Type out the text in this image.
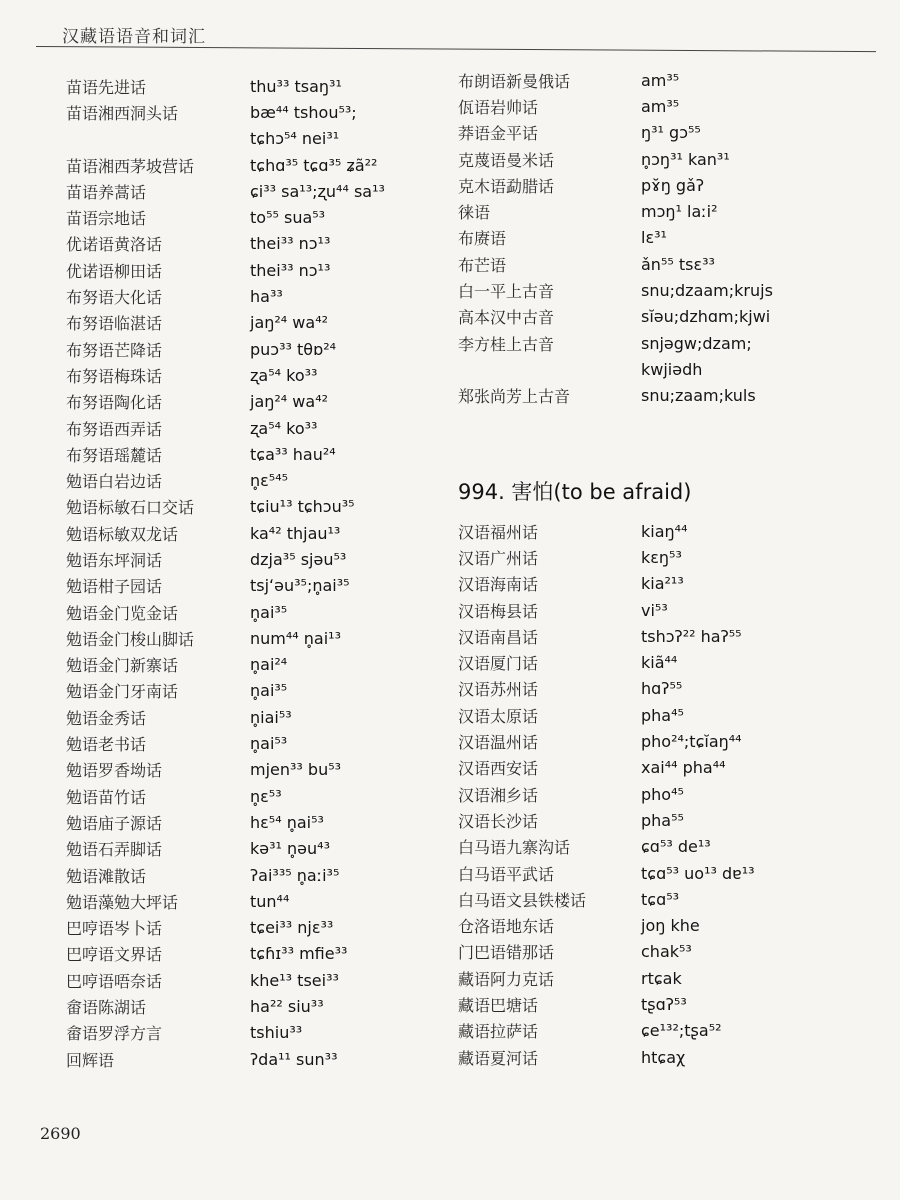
汉藏语语音和词汇
苗语先进话	thu³³ tsaŋ³¹
苗语湘西洞头话	bæ⁴⁴ tshou⁵³;
tɕhɔ⁵⁴ nei³¹
苗语湘西茅坡营话	tɕhɑ³⁵ tɕɑ³⁵ ʑã²²
苗语养蒿话	ɕi³³ sa¹³;ʐu⁴⁴ sa¹³
苗语宗地话	to⁵⁵ sua⁵³
优诺语黄洛话	thei³³ nɔ¹³
优诺语柳田话	thei³³ nɔ¹³
布努语大化话	ha³³
布努语临湛话	jaŋ²⁴ wa⁴²
布努语芒降话	puɔ³³ tθɒ²⁴
布努语梅珠话	ʐa⁵⁴ ko³³
布努语陶化话	jaŋ²⁴ wa⁴²
布努语西弄话	ʐa⁵⁴ ko³³
布努语瑶麓话	tɕa³³ hau²⁴
勉语白岩边话	n̥ɛ⁵⁴⁵
勉语标敏石口交话	tɕiu¹³ tɕhɔu³⁵
勉语标敏双龙话	ka⁴² thjau¹³
勉语东坪洞话	dzja³⁵ sjəu⁵³
勉语柑子园话	tsjʻəu³⁵;n̥ai³⁵
勉语金门览金话	n̥ai³⁵
勉语金门梭山脚话	num⁴⁴ n̥ai¹³
勉语金门新寨话	n̥ai²⁴
勉语金门牙南话	n̥ai³⁵
勉语金秀话	n̥iai⁵³
勉语老书话	n̥ai⁵³
勉语罗香坳话	mjen³³ bu⁵³
勉语苗竹话	n̥ɛ⁵³
勉语庙子源话	hɛ⁵⁴ n̥ai⁵³
勉语石弄脚话	kə³¹ n̥əu⁴³
勉语滩散话	ʔai³³⁵ n̥aːi³⁵
勉语藻勉大坪话	tun⁴⁴
巴哼语岑卜话	tɕei³³ njɛ³³
巴哼语文界话	tɕɦɪ³³ mfie³³
巴哼语唔奈话	khe¹³ tsei³³
畲语陈湖话	ha²² siu³³
畲语罗浮方言	tshiu³³
回辉语	ʔda¹¹ sun³³
布朗语新曼俄话	am³⁵
佤语岩帅话	am³⁵
莽语金平话	ŋ³¹ gɔ⁵⁵
克蔑语曼米话	n̥ɔŋ³¹ kan³¹
克木语勐腊话	pɤ̆ŋ gǎʔ
徕语	mɔŋ¹ laːi²
布赓语	lɛ³¹
布芒语	ǎn⁵⁵ tsɛ³³
白一平上古音	snu;dzaam;krujs
高本汉中古音	sĭəu;dzhɑm;kjwi
李方桂上古音	snjəgw;dzam;
kwjiədh
郑张尚芳上古音	snu;zaam;kuls
994. 害怕(to be afraid)
汉语福州话	kiaŋ⁴⁴
汉语广州话	kɛŋ⁵³
汉语海南话	kia²¹³
汉语梅县话	vi⁵³
汉语南昌话	tshɔʔ²² haʔ⁵⁵
汉语厦门话	kiã⁴⁴
汉语苏州话	hɑʔ⁵⁵
汉语太原话	pha⁴⁵
汉语温州话	pho²⁴;tɕĭaŋ⁴⁴
汉语西安话	xai⁴⁴ pha⁴⁴
汉语湘乡话	pho⁴⁵
汉语长沙话	pha⁵⁵
白马语九寨沟话	ɕɑ⁵³ de¹³
白马语平武话	tɕɑ⁵³ uo¹³ dɐ¹³
白马语文县铁楼话	tɕɑ⁵³
仓洛语地东话	joŋ khe
门巴语错那话	chak⁵³
藏语阿力克话	rtɕak
藏语巴塘话	tʂɑʔ⁵³
藏语拉萨话	ɕe¹³²;tʂa⁵²
藏语夏河话	htɕaχ
2690
